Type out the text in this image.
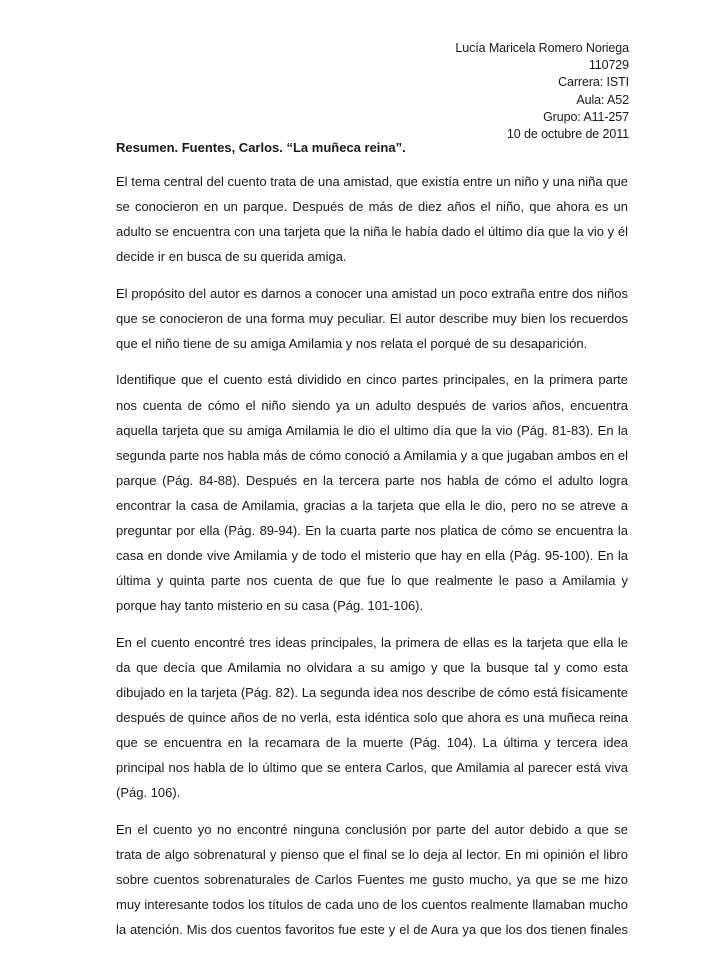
Lucía Maricela Romero Noriega
110729
Carrera: ISTI
Aula: A52
Grupo: A11-257
10 de octubre de 2011
Resumen. Fuentes, Carlos. “La muñeca reina”.

El tema central del cuento trata de una amistad, que existía entre un niño y una niña que se conocieron en un parque. Después de más de diez años el niño, que ahora es un adulto se encuentra con una tarjeta que la niña le había dado el último día que la vio y él decide ir en busca de su querida amiga.

El propósito del autor es darnos a conocer una amistad un poco extraña entre dos niños que se conocieron de una forma muy peculiar. El autor describe muy bien los recuerdos que el niño tiene de su amiga Amilamia y nos relata el porqué de su desaparición.

Identifique que el cuento está dividido en cinco partes principales, en la primera parte nos cuenta de cómo el niño siendo ya un adulto después de varios años, encuentra aquella tarjeta que su amiga Amilamia le dio el ultimo día que la vio (Pág. 81-83). En la segunda parte nos habla más de cómo conoció a Amilamia y a que jugaban ambos en el parque (Pág. 84-88). Después en la tercera parte nos habla de cómo el adulto logra encontrar la casa de Amilamia, gracias a la tarjeta que ella le dio, pero no se atreve a preguntar por ella (Pág. 89-94). En la cuarta parte nos platica de cómo se encuentra la casa en donde vive Amilamia y de todo el misterio que hay en ella (Pág. 95-100). En la última y quinta parte nos cuenta de que fue lo que realmente le paso a Amilamia y porque hay tanto misterio en su casa (Pág. 101-106).

En el cuento encontré tres ideas principales, la primera de ellas es la tarjeta que ella le da que decía que Amilamia no olvidara a su amigo y que la busque tal y como esta dibujado en la tarjeta (Pág. 82). La segunda idea nos describe de cómo está físicamente después de quince años de no verla, esta idéntica solo que ahora es una muñeca reina que se encuentra en la recamara de la muerte (Pág. 104). La última y tercera idea principal nos habla de lo último que se entera Carlos, que Amilamia al parecer está viva (Pág. 106).

En el cuento yo no encontré ninguna conclusión por parte del autor debido a que se trata de algo sobrenatural y pienso que el final se lo deja al lector. En mi opinión el libro sobre cuentos sobrenaturales de Carlos Fuentes me gusto mucho, ya que se me hizo muy interesante todos los títulos de cada uno de los cuentos realmente llamaban mucho la atención. Mis dos cuentos favoritos fue este y el de Aura ya que los dos tienen finales
